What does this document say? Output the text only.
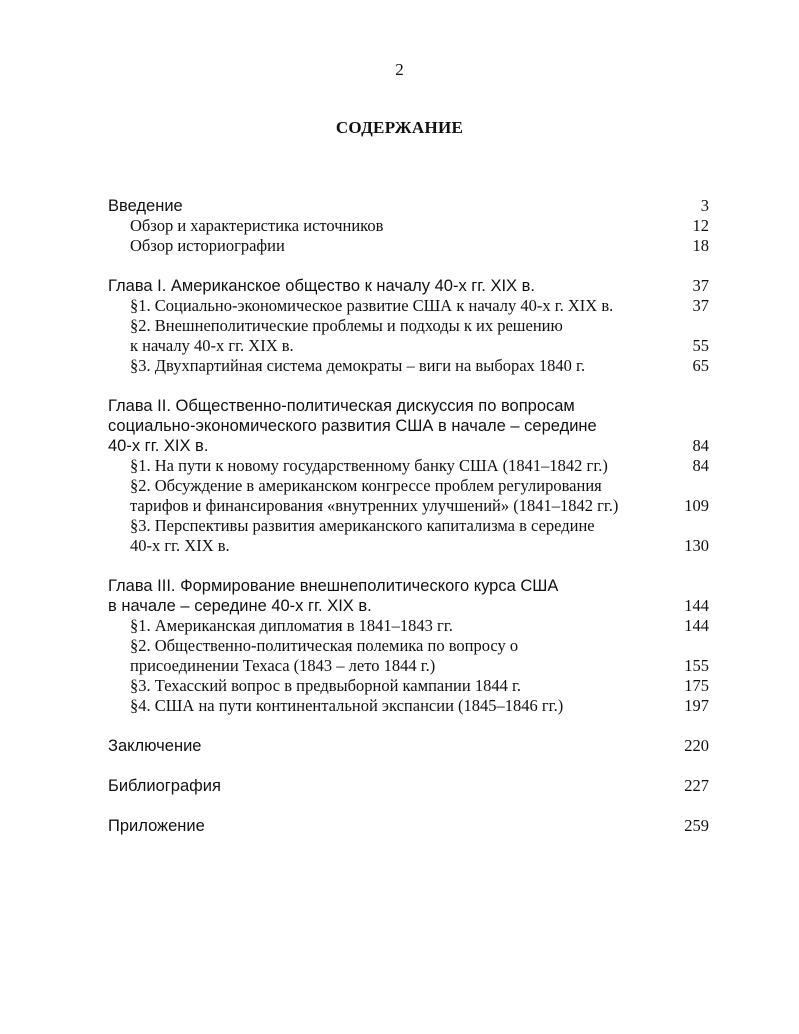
2
СОДЕРЖАНИЕ
Введение	3
Обзор и характеристика источников	12
Обзор историографии	18
Глава I. Американское общество к началу 40-х гг. XIX в.	37
§1. Социально-экономическое развитие США к началу 40-х г. XIX в.	37
§2. Внешнеполитические проблемы и подходы к их решению
к началу 40-х гг. XIX в.	55
§3. Двухпартийная система демократы – виги на выборах 1840 г.	65
Глава II. Общественно-политическая дискуссия по вопросам
социально-экономического развития США в начале – середине
40-х гг. XIX в.	84
§1. На пути к новому государственному банку США (1841–1842 гг.)	84
§2. Обсуждение в американском конгрессе проблем регулирования
тарифов и финансирования «внутренних улучшений» (1841–1842 гг.)	109
§3. Перспективы развития американского капитализма в середине
40-х гг. XIX в.	130
Глава III. Формирование внешнеполитического курса США
в начале – середине 40-х гг. XIX в.	144
§1. Американская дипломатия в 1841–1843 гг.	144
§2. Общественно-политическая полемика по вопросу о
присоединении Техаса (1843 – лето 1844 г.)	155
§3. Техасский вопрос в предвыборной кампании 1844 г.	175
§4. США на пути континентальной экспансии (1845–1846 гг.)	197
Заключение	220
Библиография	227
Приложение	259
